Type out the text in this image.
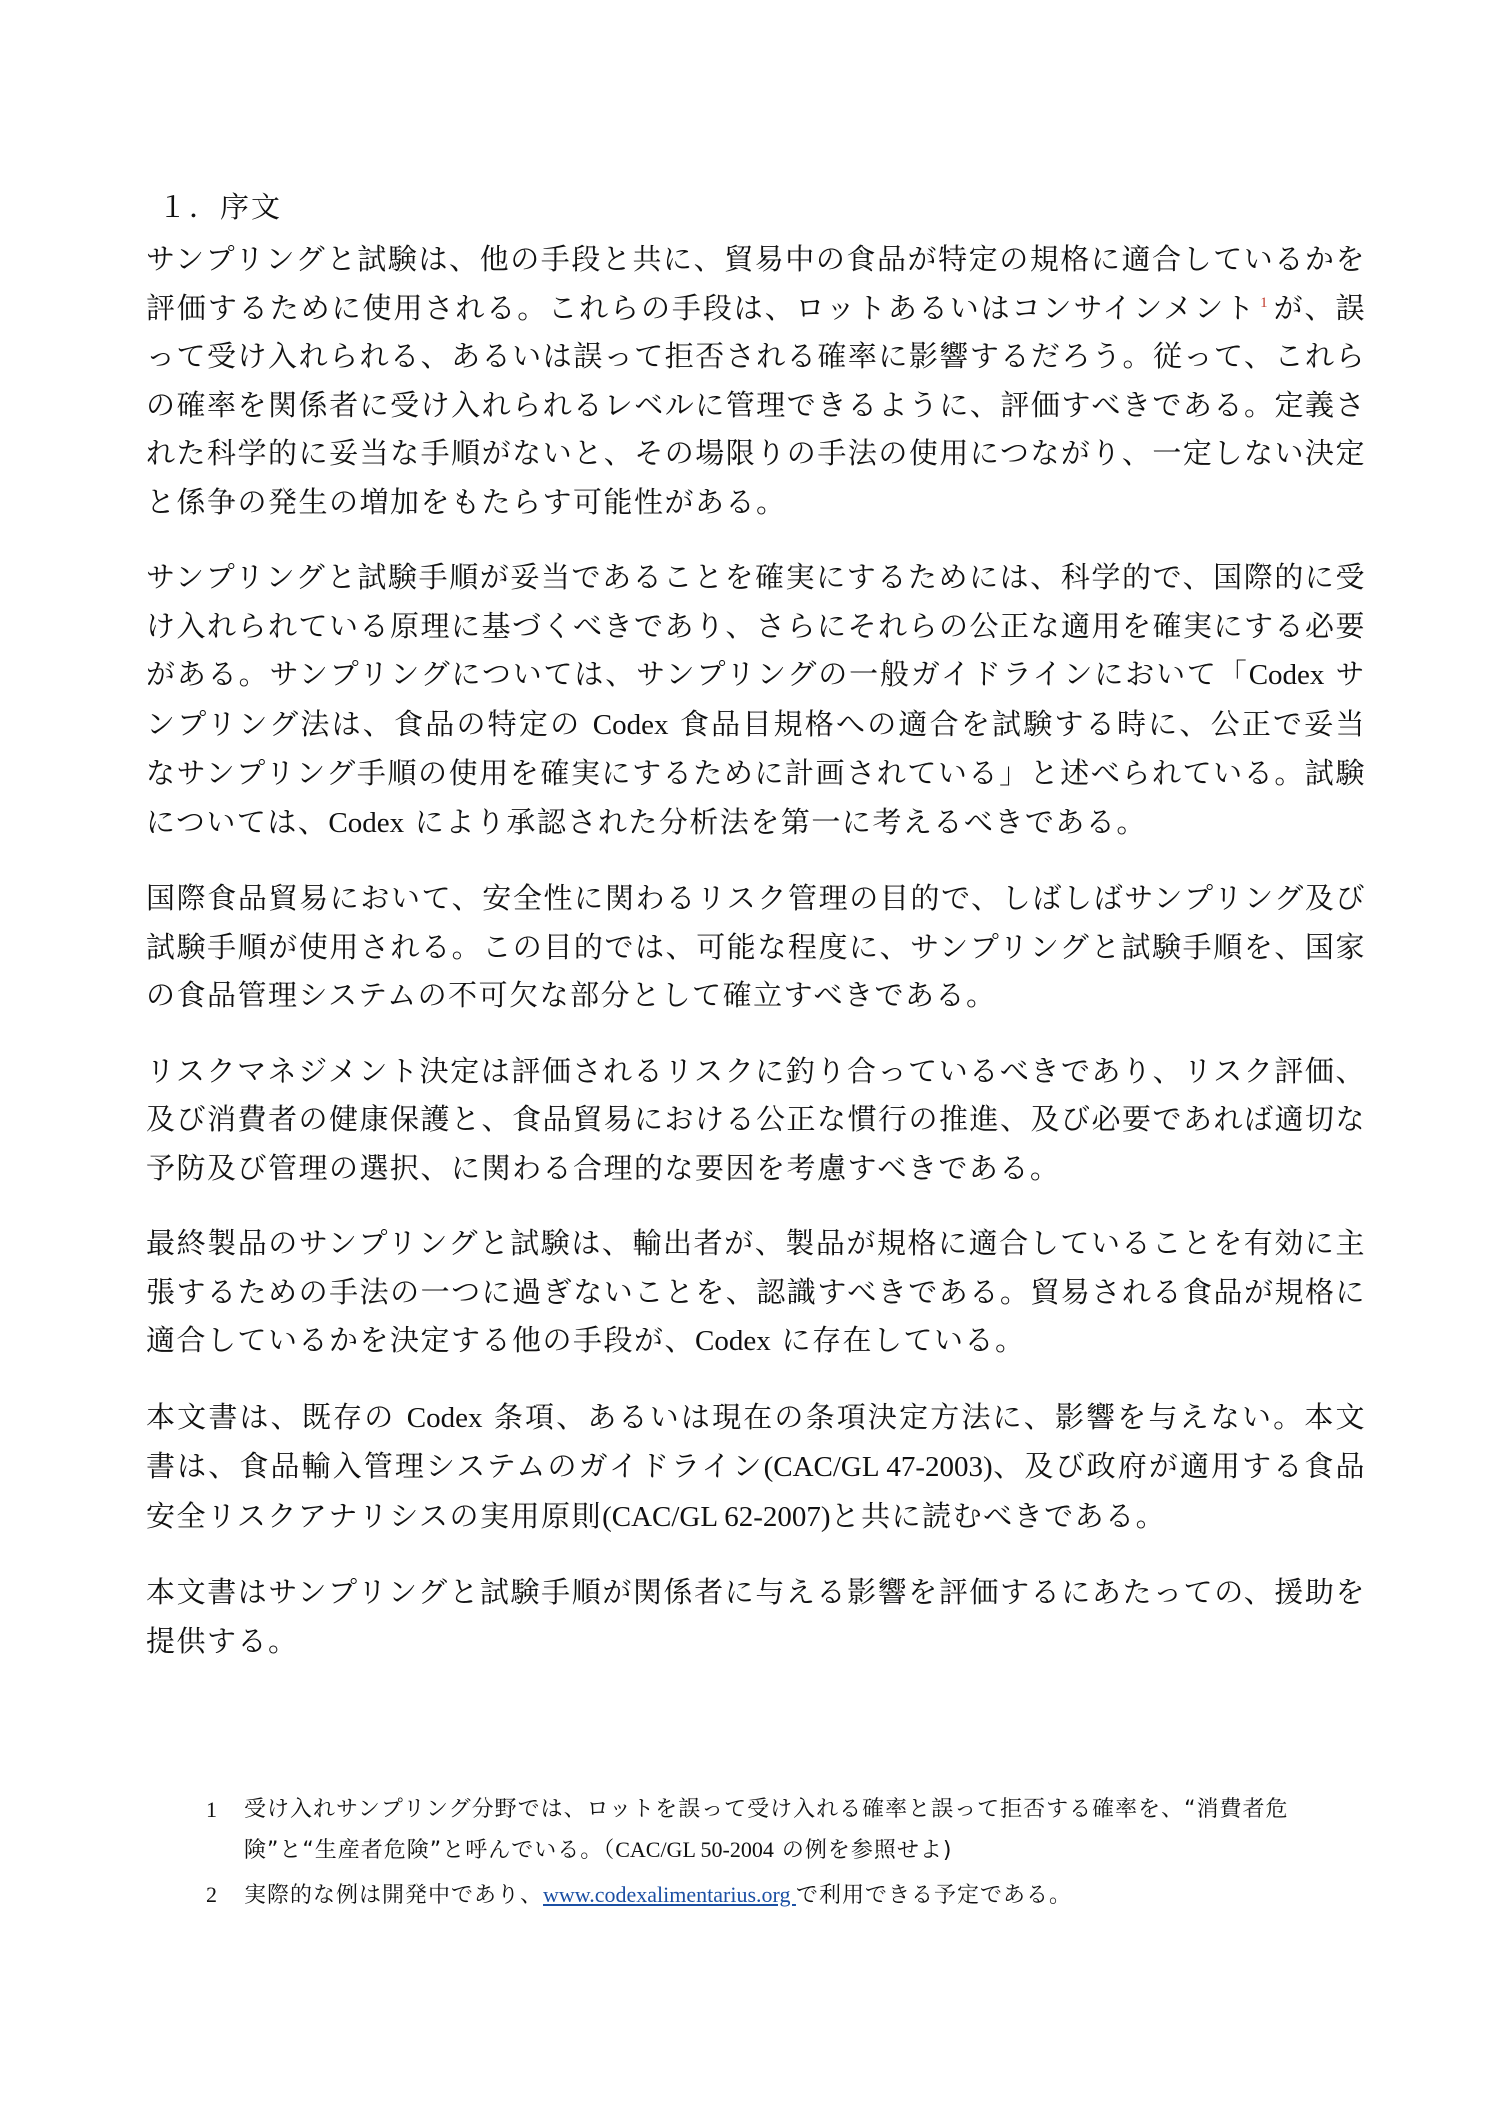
１．序文

サンプリングと試験は、他の手段と共に、貿易中の食品が特定の規格に適合しているかを評価するために使用される。これらの手段は、ロットあるいはコンサインメント $^1$ が、誤って受け入れられる、あるいは誤って拒否される確率に影響するだろう。従って、これらの確率を関係者に受け入れられるレベルに管理できるように、評価すべきである。定義された科学的に妥当な手順がないと、その場限りの手法の使用につながり、一定しない決定と係争の発生の増加をもたらす可能性がある。

サンプリングと試験手順が妥当であることを確実にするためには、科学的で、国際的に受け入れられている原理に基づくべきであり、さらにそれらの公正な適用を確実にする必要がある。サンプリングについては、サンプリングの一般ガイドラインにおいて「Codex サンプリング法は、食品の特定の Codex 食品目規格への適合を試験する時に、公正で妥当なサンプリング手順の使用を確実にするために計画されている」と述べられている。試験については、Codex により承認された分析法を第一に考えるべきである。

国際食品貿易において、安全性に関わるリスク管理の目的で、しばしばサンプリング及び試験手順が使用される。この目的では、可能な程度に、サンプリングと試験手順を、国家の食品管理システムの不可欠な部分として確立すべきである。

リスクマネジメント決定は評価されるリスクに釣り合っているべきであり、リスク評価、及び消費者の健康保護と、食品貿易における公正な慣行の推進、及び必要であれば適切な予防及び管理の選択、に関わる合理的な要因を考慮すべきである。

最終製品のサンプリングと試験は、輸出者が、製品が規格に適合していることを有効に主張するための手法の一つに過ぎないことを、認識すべきである。貿易される食品が規格に適合しているかを決定する他の手段が、Codex に存在している。

本文書は、既存の Codex 条項、あるいは現在の条項決定方法に、影響を与えない。本文書は、食品輸入管理システムのガイドライン(CAC/GL 47-2003)、及び政府が適用する食品安全リスクアナリシスの実用原則(CAC/GL 62-2007)と共に読むべきである。

本文書はサンプリングと試験手順が関係者に与える影響を評価するにあたっての、援助を提供する。

1	受け入れサンプリング分野では、ロットを誤って受け入れる確率と誤って拒否する確率を、“消費者危険”と“生産者危険”と呼んでいる。（CAC/GL 50-2004 の例を参照せよ)
2	実際的な例は開発中であり、www.codexalimentarius.org で利用できる予定である。
